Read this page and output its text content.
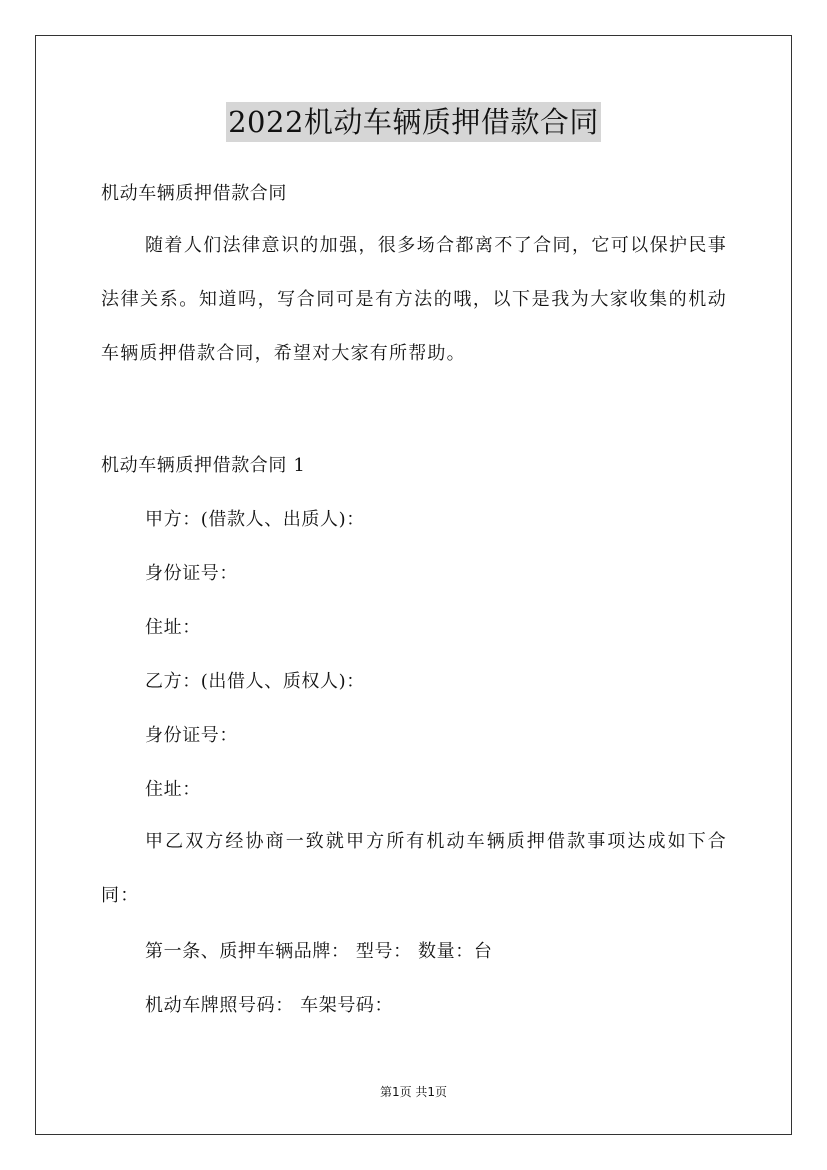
2022机动车辆质押借款合同
机动车辆质押借款合同
随着人们法律意识的加强，很多场合都离不了合同，它可以保护民事法律关系。知道吗，写合同可是有方法的哦，以下是我为大家收集的机动车辆质押借款合同，希望对大家有所帮助。
机动车辆质押借款合同 1
甲方：(借款人、出质人)：
身份证号：
住址：
乙方：(出借人、质权人)：
身份证号：
住址：
甲乙双方经协商一致就甲方所有机动车辆质押借款事项达成如下合同：
第一条、质押车辆品牌： 型号： 数量：台
机动车牌照号码： 车架号码：
第1页 共1页
